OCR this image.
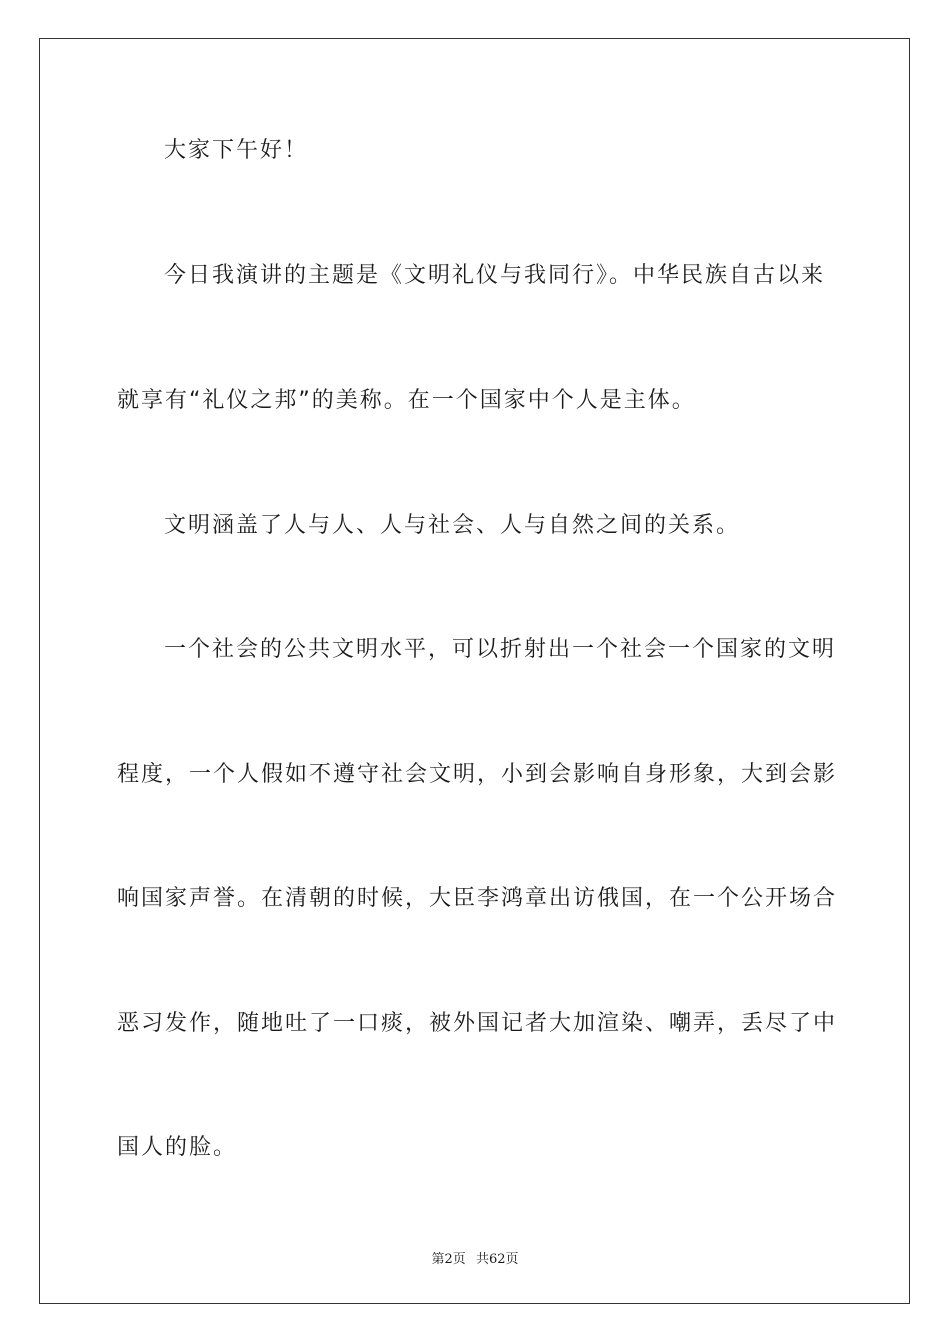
大家下午好！
今日我演讲的主题是《文明礼仪与我同行》。中华民族自古以来
就享有“礼仪之邦”的美称。在一个国家中个人是主体。
文明涵盖了人与人、人与社会、人与自然之间的关系。
一个社会的公共文明水平，可以折射出一个社会一个国家的文明
程度，一个人假如不遵守社会文明，小到会影响自身形象，大到会影
响国家声誉。在清朝的时候，大臣李鸿章出访俄国，在一个公开场合
恶习发作，随地吐了一口痰，被外国记者大加渲染、嘲弄，丢尽了中
国人的脸。
第2页 共62页
